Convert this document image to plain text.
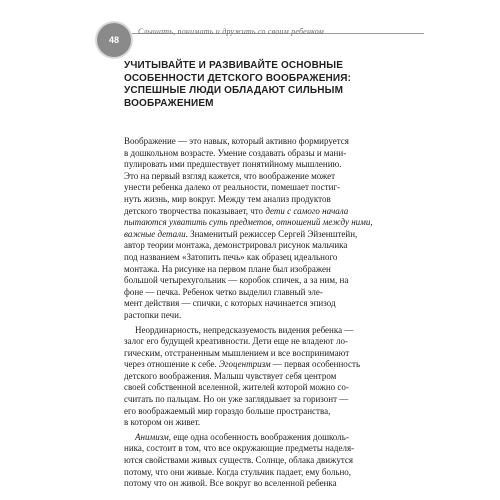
48
Слышать, понимать и дружить со своим ребенком
УЧИТЫВАЙТЕ И РАЗВИВАЙТЕ ОСНОВНЫЕ
ОСОБЕННОСТИ ДЕТСКОГО ВООБРАЖЕНИЯ:
УСПЕШНЫЕ ЛЮДИ ОБЛАДАЮТ СИЛЬНЫМ
ВООБРАЖЕНИЕМ

Воображение — это навык, который активно формируется
в дошкольном возрасте. Умение создавать образы и мани-
пулировать ими предшествует понятийному мышлению.
Это на первый взгляд кажется, что воображение может
унести ребенка далеко от реальности, помешает постиг-
нуть жизнь, мир вокруг. Между тем анализ продуктов
детского творчества показывает, что дети с самого начала
пытаются ухватить суть предметов, отношений между ними,
важные детали. Знаменитый режиссер Сергей Эйзенштейн,
автор теории монтажа, демонстрировал рисунок мальчика
под названием «Затопить печь» как образец идеального
монтажа. На рисунке на первом плане был изображен
большой четырехугольник — коробок спичек, а за ним, на
фоне — печка. Ребенок четко выделил главный эле-
мент действия — спички, с которых начинается эпизод
растопки печи.

Неординарность, непредсказуемость видения ребенка —
залог его будущей креативности. Дети еще не владеют ло-
гическим, отстраненным мышлением и все воспринимают
через отношение к себе. Эгоцентризм — первая особенность
детского воображения. Малыш чувствует себя центром
своей собственной вселенной, жителей которой можно со-
считать по пальцам. Но он уже заглядывает за горизонт —
его воображаемый мир гораздо больше пространства,
в котором он живет.

Анимизм, еще одна особенность воображения дошколь-
ника, состоит в том, что все окружающие предметы наделя-
ются свойствами живых существ. Солнце, облака движутся
потому, что они живые. Когда стульчик падает, ему больно,
потому что он живой. Все вокруг во вселенной ребенка
